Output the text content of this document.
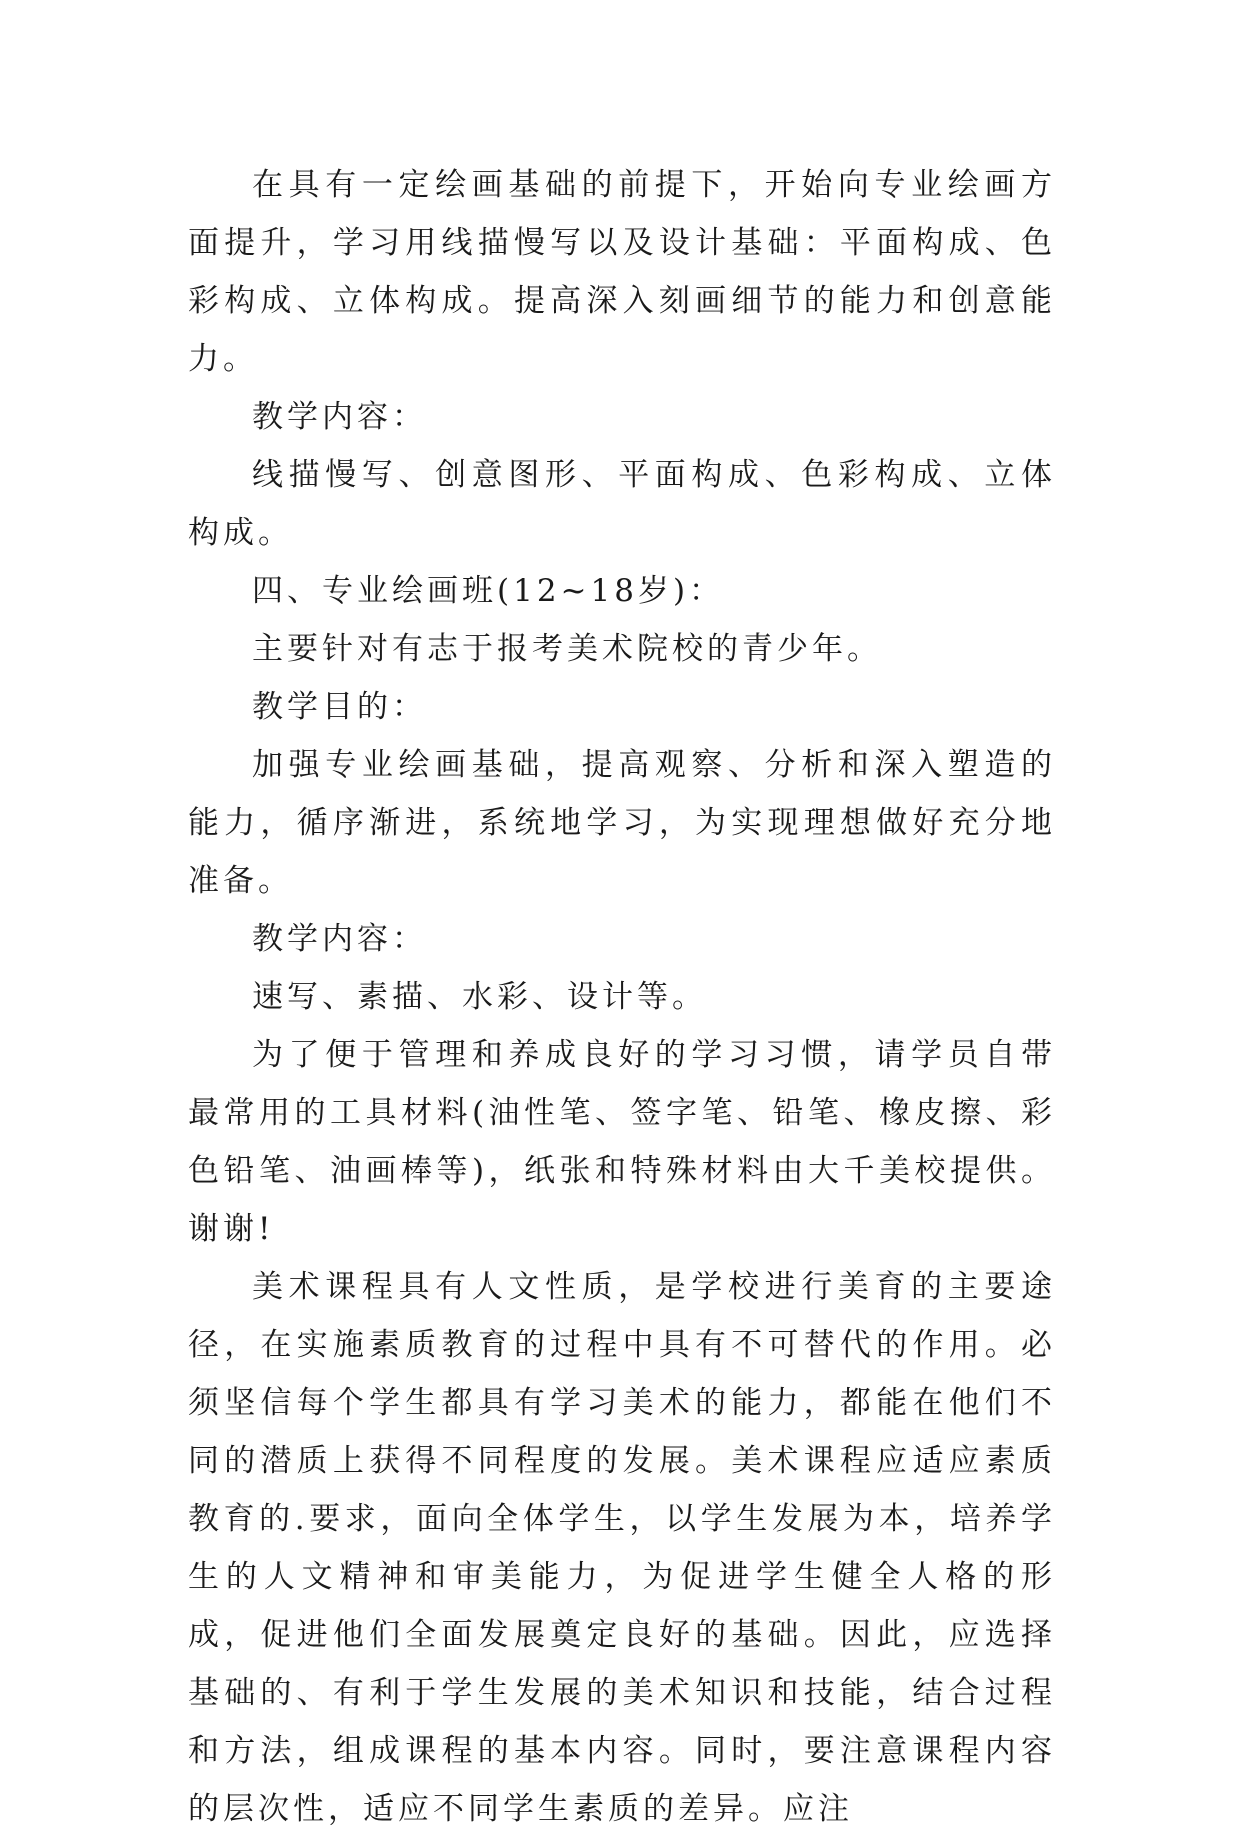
在具有一定绘画基础的前提下，开始向专业绘画方面提升，学习用线描慢写以及设计基础：平面构成、色彩构成、立体构成。提高深入刻画细节的能力和创意能力。

教学内容：

线描慢写、创意图形、平面构成、色彩构成、立体构成。

四、专业绘画班(12~18岁)：

主要针对有志于报考美术院校的青少年。

教学目的：

加强专业绘画基础，提高观察、分析和深入塑造的能力，循序渐进，系统地学习，为实现理想做好充分地准备。

教学内容：

速写、素描、水彩、设计等。

为了便于管理和养成良好的学习习惯，请学员自带最常用的工具材料(油性笔、签字笔、铅笔、橡皮擦、彩色铅笔、油画棒等)，纸张和特殊材料由大千美校提供。谢谢!

美术课程具有人文性质，是学校进行美育的主要途径，在实施素质教育的过程中具有不可替代的作用。必须坚信每个学生都具有学习美术的能力，都能在他们不同的潜质上获得不同程度的发展。美术课程应适应素质教育的.要求，面向全体学生，以学生发展为本，培养学生的人文精神和审美能力，为促进学生健全人格的形成，促进他们全面发展奠定良好的基础。因此，应选择基础的、有利于学生发展的美术知识和技能，结合过程和方法，组成课程的基本内容。同时，要注意课程内容的层次性，适应不同学生素质的差异。应注
